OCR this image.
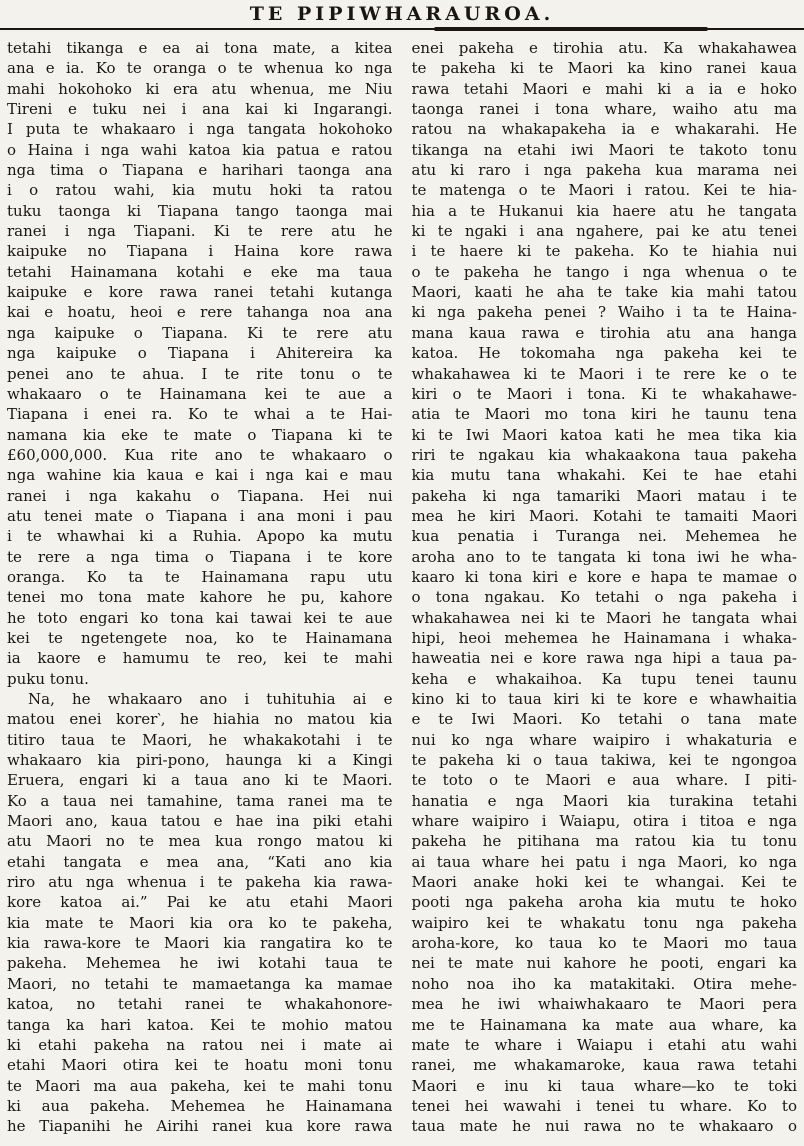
TE PIPIWHARAUROA.
tetahi tikanga e ea ai tona mate, a kitea
ana e ia. Ko te oranga o te whenua ko nga
mahi hokohoko ki era atu whenua, me Niu
Tireni e tuku nei i ana kai ki Ingarangi.
I puta te whakaaro i nga tangata hokohoko
o Haina i nga wahi katoa kia patua e ratou
nga tima o Tiapana e harihari taonga ana
i o ratou wahi, kia mutu hoki ta ratou
tuku taonga ki Tiapana tango taonga mai
ranei i nga Tiapani. Ki te rere atu he
kaipuke no Tiapana i Haina kore rawa
tetahi Hainamana kotahi e eke ma taua
kaipuke e kore rawa ranei tetahi kutanga
kai e hoatu, heoi e rere tahanga noa ana
nga kaipuke o Tiapana. Ki te rere atu
nga kaipuke o Tiapana i Ahitereira ka
penei ano te ahua. I te rite tonu o te
whakaaro o te Hainamana kei te aue a
Tiapana i enei ra. Ko te whai a te Hai-
namana kia eke te mate o Tiapana ki te
£60,000,000. Kua rite ano te whakaaro o
nga wahine kia kaua e kai i nga kai e mau
ranei i nga kakahu o Tiapana. Hei nui
atu tenei mate o Tiapana i ana moni i pau
i te whawhai ki a Ruhia. Apopo ka mutu
te rere a nga tima o Tiapana i te kore
oranga. Ko ta te Hainamana rapu utu
tenei mo tona mate kahore he pu, kahore
he toto engari ko tona kai tawai kei te aue
kei te ngetengete noa, ko te Hainamana
ia kaore e hamumu te reo, kei te mahi
puku tonu.
Na, he whakaaro ano i tuhituhia ai e
matou enei korer‵, he hiahia no matou kia
titiro taua te Maori, he whakakotahi i te
whakaaro kia piri-pono, haunga ki a Kingi
Eruera, engari ki a taua ano ki te Maori.
Ko a taua nei tamahine, tama ranei ma te
Maori ano, kaua tatou e hae ina piki etahi
atu Maori no te mea kua rongo matou ki
etahi tangata e mea ana, “Kati ano kia
riro atu nga whenua i te pakeha kia rawa-
kore katoa ai.” Pai ke atu etahi Maori
kia mate te Maori kia ora ko te pakeha,
kia rawa-kore te Maori kia rangatira ko te
pakeha. Mehemea he iwi kotahi taua te
Maori, no tetahi te mamaetanga ka mamae
katoa, no tetahi ranei te whakahonore-
tanga ka hari katoa. Kei te mohio matou
ki etahi pakeha na ratou nei i mate ai
etahi Maori otira kei te hoatu moni tonu
te Maori ma aua pakeha, kei te mahi tonu
ki aua pakeha. Mehemea he Hainamana
he Tiapanihi he Airihi ranei kua kore rawa
enei pakeha e tirohia atu. Ka whakahawea
te pakeha ki te Maori ka kino ranei kaua
rawa tetahi Maori e mahi ki a ia e hoko
taonga ranei i tona whare, waiho atu ma
ratou na whakapakeha ia e whakarahi. He
tikanga na etahi iwi Maori te takoto tonu
atu ki raro i nga pakeha kua marama nei
te matenga o te Maori i ratou. Kei te hia-
hia a te Hukanui kia haere atu he tangata
ki te ngaki i ana ngahere, pai ke atu tenei
i te haere ki te pakeha. Ko te hiahia nui
o te pakeha he tango i nga whenua o te
Maori, kaati he aha te take kia mahi tatou
ki nga pakeha penei ? Waiho i ta te Haina-
mana kaua rawa e tirohia atu ana hanga
katoa. He tokomaha nga pakeha kei te
whakahawea ki te Maori i te rere ke o te
kiri o te Maori i tona. Ki te whakahawe-
atia te Maori mo tona kiri he taunu tena
ki te Iwi Maori katoa kati he mea tika kia
riri te ngakau kia whakaakona taua pakeha
kia mutu tana whakahi. Kei te hae etahi
pakeha ki nga tamariki Maori matau i te
mea he kiri Maori. Kotahi te tamaiti Maori
kua penatia i Turanga nei. Mehemea he
aroha ano to te tangata ki tona iwi he wha-
kaaro ki tona kiri e kore e hapa te mamae o
o tona ngakau. Ko tetahi o nga pakeha i
whakahawea nei ki te Maori he tangata whai
hipi, heoi mehemea he Hainamana i whaka-
haweatia nei e kore rawa nga hipi a taua pa-
keha e whakaihoa. Ka tupu tenei taunu
kino ki to taua kiri ki te kore e whawhaitia
e te Iwi Maori. Ko tetahi o tana mate
nui ko nga whare waipiro i whakaturia e
te pakeha ki o taua takiwa, kei te ngongoa
te toto o te Maori e aua whare. I piti-
hanatia e nga Maori kia turakina tetahi
whare waipiro i Waiapu, otira i titoa e nga
pakeha he pitihana ma ratou kia tu tonu
ai taua whare hei patu i nga Maori, ko nga
Maori anake hoki kei te whangai. Kei te
pooti nga pakeha aroha kia mutu te hoko
waipiro kei te whakatu tonu nga pakeha
aroha-kore, ko taua ko te Maori mo taua
nei te mate nui kahore he pooti, engari ka
noho noa iho ka matakitaki. Otira mehe-
mea he iwi whaiwhakaaro te Maori pera
me te Hainamana ka mate aua whare, ka
mate te whare i Waiapu i etahi atu wahi
ranei, me whakamaroke, kaua rawa tetahi
Maori e inu ki taua whare—ko te toki
tenei hei wawahi i tenei tu whare. Ko to
taua mate he nui rawa no te whakaaro o
